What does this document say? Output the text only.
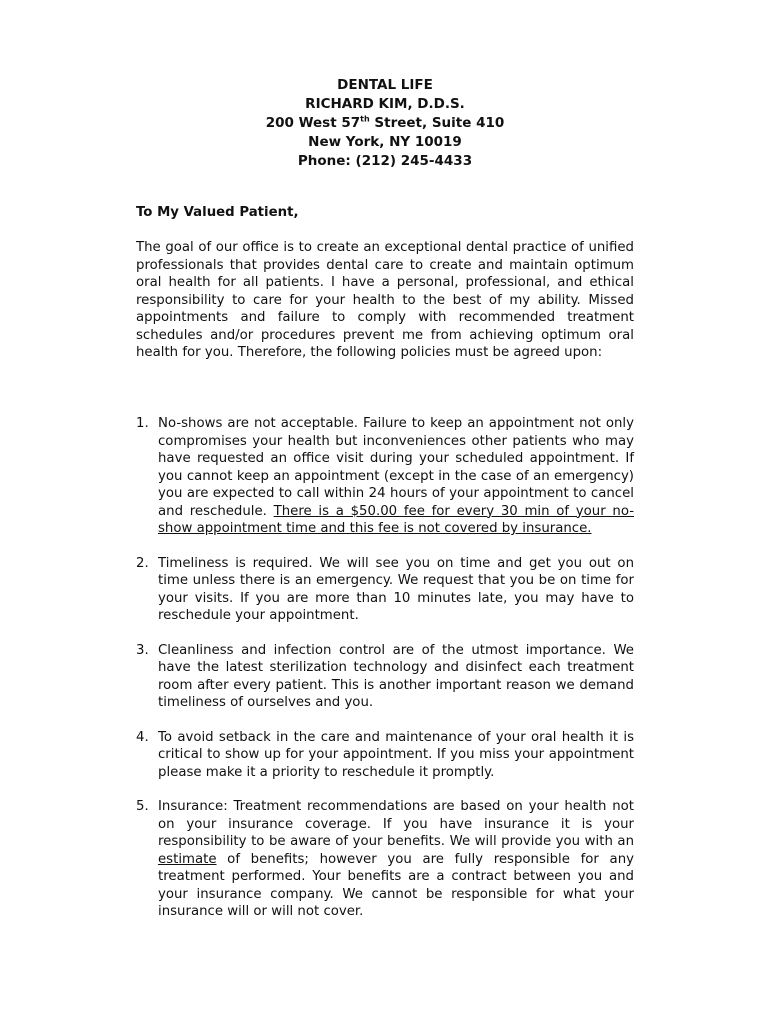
DENTAL LIFE
RICHARD KIM, D.D.S.
200 West 57th Street, Suite 410
New York, NY 10019
Phone: (212) 245-4433
To My Valued Patient,

The goal of our office is to create an exceptional dental practice of unified professionals that provides dental care to create and maintain optimum oral health for all patients. I have a personal, professional, and ethical responsibility to care for your health to the best of my ability. Missed appointments and failure to comply with recommended treatment schedules and/or procedures prevent me from achieving optimum oral health for you. Therefore, the following policies must be agreed upon:

1. No-shows are not acceptable. Failure to keep an appointment not only compromises your health but inconveniences other patients who may have requested an office visit during your scheduled appointment. If you cannot keep an appointment (except in the case of an emergency) you are expected to call within 24 hours of your appointment to cancel and reschedule. There is a $50.00 fee for every 30 min of your no-show appointment time and this fee is not covered by insurance.
2. Timeliness is required. We will see you on time and get you out on time unless there is an emergency. We request that you be on time for your visits. If you are more than 10 minutes late, you may have to reschedule your appointment.
3. Cleanliness and infection control are of the utmost importance. We have the latest sterilization technology and disinfect each treatment room after every patient. This is another important reason we demand timeliness of ourselves and you.
4. To avoid setback in the care and maintenance of your oral health it is critical to show up for your appointment. If you miss your appointment please make it a priority to reschedule it promptly.
5. Insurance: Treatment recommendations are based on your health not on your insurance coverage. If you have insurance it is your responsibility to be aware of your benefits. We will provide you with an estimate of benefits; however you are fully responsible for any treatment performed. Your benefits are a contract between you and your insurance company. We cannot be responsible for what your insurance will or will not cover.
